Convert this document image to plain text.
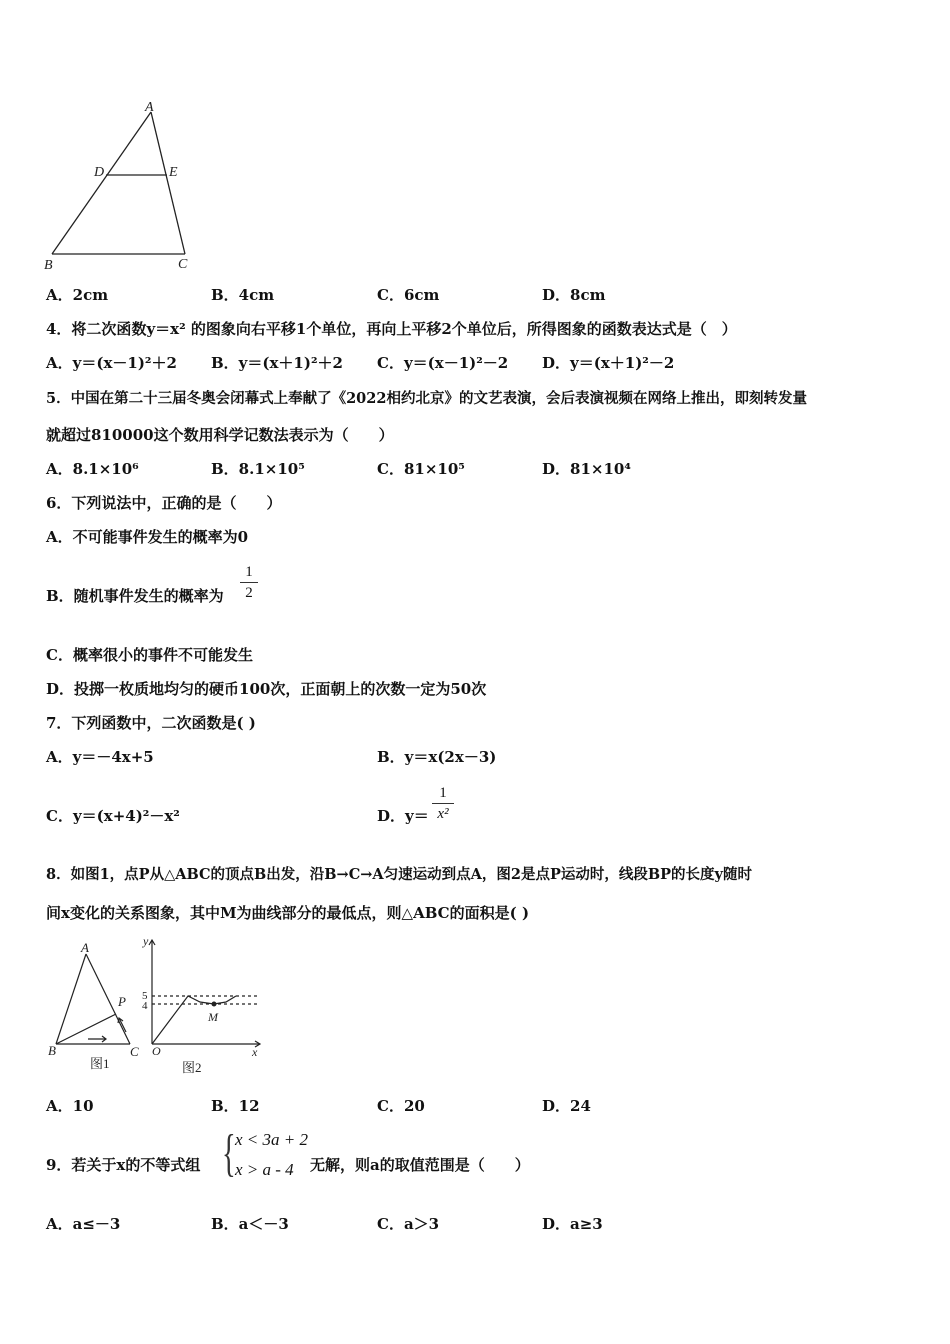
A
D	E
B	C
A．2cm	B．4cm	C．6cm	D．8cm
4．将二次函数y＝x² 的图象向右平移1个单位，再向上平移2个单位后，所得图象的函数表达式是（　）
A．y＝(x－1)²＋2 B．y＝(x＋1)²＋2 C．y＝(x－1)²－2 D．y＝(x＋1)²－2
5．中国在第二十三届冬奥会闭幕式上奉献了《2022相约北京》的文艺表演，会后表演视频在网络上推出，即刻转发量
就超过810000这个数用科学记数法表示为（　　）
A．8.1×10⁶	B．8.1×10⁵	C．81×10⁵	D．81×10⁴
6．下列说法中，正确的是（　　）
A．不可能事件发生的概率为0
B．随机事件发生的概率为
1
2
C．概率很小的事件不可能发生
D．投掷一枚质地均匀的硬币100次，正面朝上的次数一定为50次
7．下列函数中，二次函数是( )
A．y＝－4x+5	B．y＝x(2x－3)
C．y＝(x+4)²－x²	D．y＝
1
x²
8．如图1，点P从△ABC的顶点B出发，沿B→C→A匀速运动到点A，图2是点P运动时，线段BP的长度y随时
间x变化的关系图象，其中M为曲线部分的最低点，则△ABC的面积是( )
A
P
B	C
图1
y
5
4
M
O	x
图2
A．10	B．12	C．20	D．24
9．若关于x的不等式组 { x < 3a + 2
x > a - 4 无解，则a的取值范围是（　　）
A．a≤－3	B．a＜－3	C．a＞3	D．a≥3
